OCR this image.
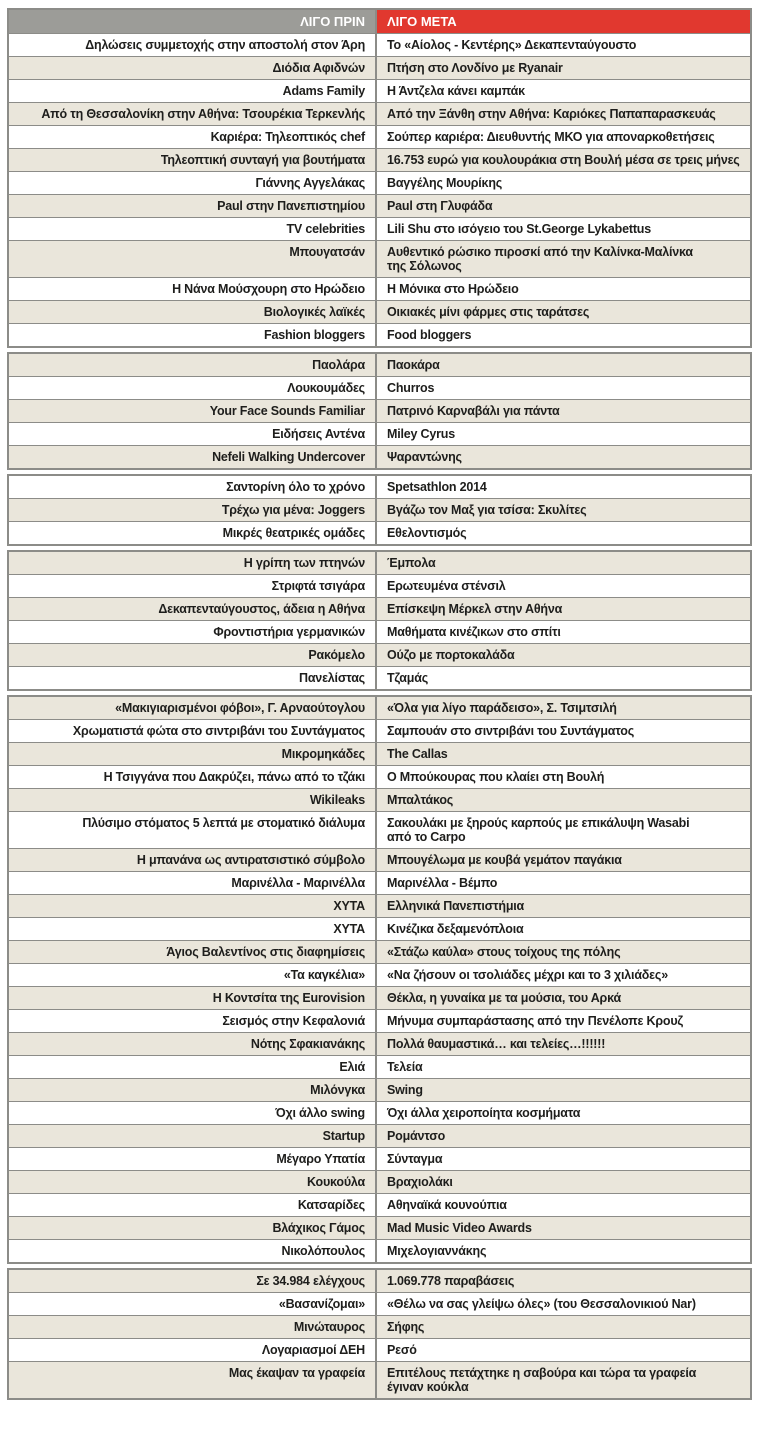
ΛΙΓΟ ΠΡΙΝ	ΛΙΓΟ ΜΕΤΑ
Δηλώσεις συμμετοχής στην αποστολή στον Άρη Το «Αίολος - Κεντέρης» Δεκαπενταύγουστο
Διόδια Αφιδνών Πτήση στο Λονδίνο με Ryanair
Adams Family Η Άντζελα κάνει καμπάκ
Από τη Θεσσαλονίκη στην Αθήνα: Τσουρέκια Τερκενλής Από την Ξάνθη στην Αθήνα: Καριόκες Παπαπαρασκευάς
Καριέρα: Τηλεοπτικός chef Σούπερ καριέρα: Διευθυντής ΜΚΟ για αποναρκοθετήσεις
Τηλεοπτική συνταγή για βουτήματα 16.753 ευρώ για κουλουράκια στη Βουλή μέσα σε τρεις μήνες
Γιάννης Αγγελάκας Βαγγέλης Μουρίκης
Paul στην Πανεπιστημίου Paul στη Γλυφάδα
TV celebrities Lili Shu στο ισόγειο του St.George Lykabettus
Μπουγατσάν Αυθεντικό ρώσικο πιροσκί από την Καλίνκα-Μαλίνκα
της Σόλωνος
Η Νάνα Μούσχουρη στο Ηρώδειο Η Μόνικα στο Ηρώδειο
Βιολογικές λαϊκές Οικιακές μίνι φάρμες στις ταράτσες
Fashion bloggers Food bloggers
Παολάρα Παοκάρα
Λουκουμάδες Churros
Your Face Sounds Familiar Πατρινό Καρναβάλι για πάντα
Ειδήσεις Αντένα Miley Cyrus
Nefeli Walking Undercover Ψαραντώνης
Σαντορίνη όλο το χρόνο Spetsathlon 2014
Τρέχω για μένα: Joggers Βγάζω τον Μαξ για τσίσα: Σκυλίτες
Μικρές θεατρικές ομάδες Εθελοντισμός
Η γρίπη των πτηνών Έμπολα
Στριφτά τσιγάρα Ερωτευμένα στένσιλ
Δεκαπενταύγουστος, άδεια η Αθήνα Επίσκεψη Μέρκελ στην Αθήνα
Φροντιστήρια γερμανικών Μαθήματα κινέζικων στο σπίτι
Ρακόμελο Ούζο με πορτοκαλάδα
Πανελίστας Τζαμάς
«Μακιγιαρισμένοι φόβοι», Γ. Αρναούτογλου «Όλα για λίγο παράδεισο», Σ. Τσιμτσιλή
Χρωματιστά φώτα στο σιντριβάνι του Συντάγματος Σαμπουάν στο σιντριβάνι του Συντάγματος
Μικρομηκάδες The Callas
Η Τσιγγάνα που Δακρύζει, πάνω από το τζάκι Ο Μπούκουρας που κλαίει στη Βουλή
Wikileaks Μπαλτάκος
Πλύσιμο στόματος 5 λεπτά με στοματικό διάλυμα Σακουλάκι με ξηρούς καρπούς με επικάλυψη Wasabi
από το Carpo
Η μπανάνα ως αντιρατσιστικό σύμβολο Μπουγέλωμα με κουβά γεμάτον παγάκια
Μαρινέλλα - Μαρινέλλα Μαρινέλλα - Βέμπο
ΧΥΤΑ Ελληνικά Πανεπιστήμια
ΧΥΤΑ Κινέζικα δεξαμενόπλοια
Άγιος Βαλεντίνος στις διαφημίσεις «Στάζω καύλα» στους τοίχους της πόλης
«Τα καγκέλια» «Να ζήσουν οι τσολιάδες μέχρι και το 3 χιλιάδες»
Η Κοντσίτα της Eurovision Θέκλα, η γυναίκα με τα μούσια, του Αρκά
Σεισμός στην Κεφαλονιά Μήνυμα συμπαράστασης από την Πενέλοπε Κρουζ
Νότης Σφακιανάκης Πολλά θαυμαστικά… και τελείες…!!!!!!
Ελιά Τελεία
Μιλόνγκα Swing
Όχι άλλο swing Όχι άλλα χειροποίητα κοσμήματα
Startup Ρομάντσο
Μέγαρο Υπατία Σύνταγμα
Κουκούλα Βραχιολάκι
Κατσαρίδες Αθηναϊκά κουνούπια
Βλάχικος Γάμος Mad Music Video Awards
Νικολόπουλος Μιχελογιαννάκης
Σε 34.984 ελέγχους 1.069.778 παραβάσεις
«Βασανίζομαι» «Θέλω να σας γλείψω όλες» (του Θεσσαλονικιού Nar)
Μινώταυρος Σήφης
Λογαριασμοί ΔΕΗ Ρεσό
Μας έκαψαν τα γραφεία Επιτέλους πετάχτηκε η σαβούρα και τώρα τα γραφεία
έγιναν κούκλα
